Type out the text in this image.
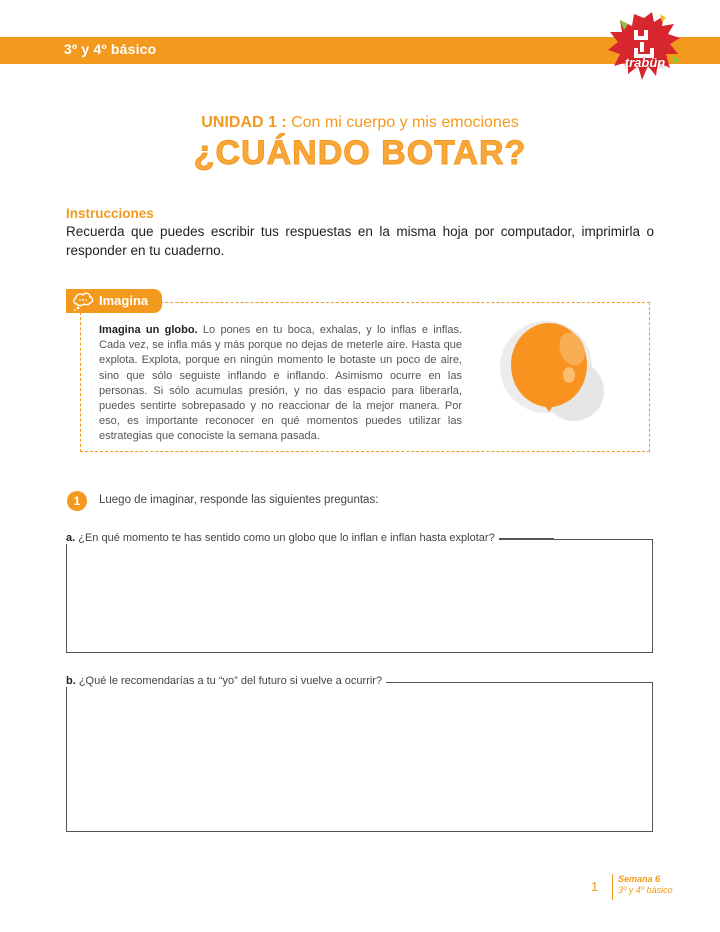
3º y 4º básico
trabün
UNIDAD 1 : Con mi cuerpo y mis emociones
¿CUÁNDO BOTAR?
Instrucciones
Recuerda que puedes escribir tus respuestas en la misma hoja por computador, imprimirla o responder en tu cuaderno.
Imagina
Imagina un globo. Lo pones en tu boca, exhalas, y lo inflas e inflas. Cada vez, se infla más y más porque no dejas de meterle aire. Hasta que explota. Explota, porque en ningún momento le botaste un poco de aire, sino que sólo seguiste inflando e inflando. Asimismo ocurre en las personas. Si sólo acumulas presión, y no das espacio para liberarla, puedes sentirte sobrepasado y no reaccionar de la mejor manera. Por eso, es importante reconocer en qué momentos puedes utilizar las estrategias que conociste la semana pasada.
1	Luego de imaginar, responde las siguientes preguntas:
a. ¿En qué momento te has sentido como un globo que lo inflan e inflan hasta explotar?
b. ¿Qué le recomendarías a tu “yo” del futuro si vuelve a ocurrir?
1 Semana 6
3º y 4º básico
